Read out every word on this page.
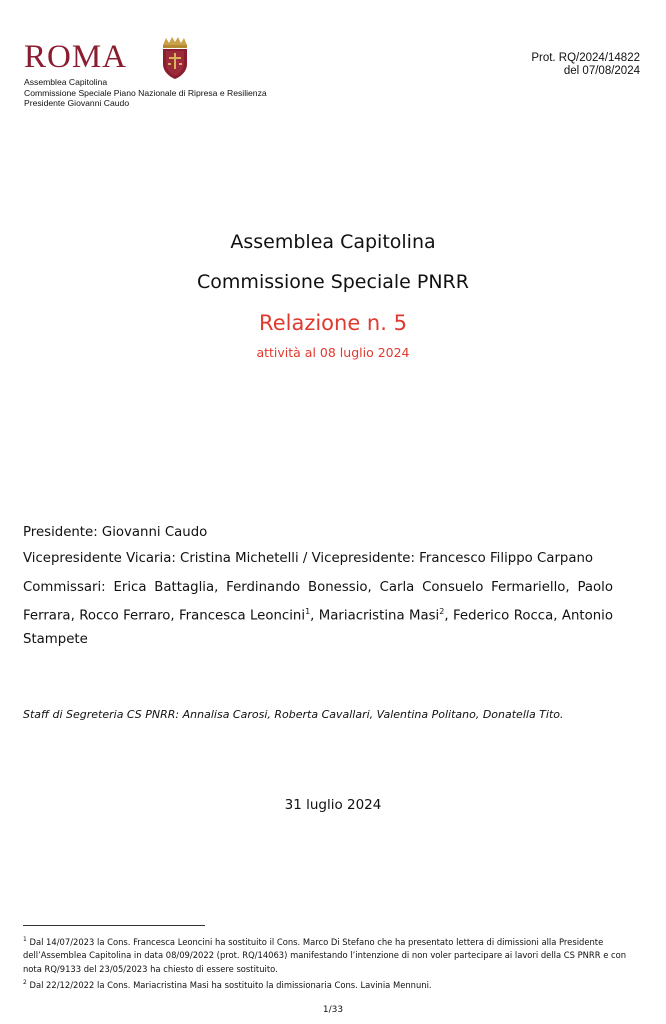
ROMA
Assemblea Capitolina
Commissione Speciale Piano Nazionale di Ripresa e Resilienza
Presidente Giovanni Caudo
Prot. RQ/2024/14822
del 07/08/2024
Assemblea Capitolina
Commissione Speciale PNRR
Relazione n. 5
attività al 08 luglio 2024
Presidente: Giovanni Caudo
Vicepresidente Vicaria: Cristina Michetelli / Vicepresidente: Francesco Filippo Carpano
Commissari: Erica Battaglia, Ferdinando Bonessio, Carla Consuelo Fermariello, Paolo Ferrara, Rocco Ferraro, Francesca Leoncini$^1$, Mariacristina Masi$^2$, Federico Rocca, Antonio Stampete
Staff di Segreteria CS PNRR: Annalisa Carosi, Roberta Cavallari, Valentina Politano, Donatella Tito.
31 luglio 2024

$^1$ Dal 14/07/2023 la Cons. Francesca Leoncini ha sostituito il Cons. Marco Di Stefano che ha presentato lettera di dimissioni alla Presidente dell’Assemblea Capitolina in data 08/09/2022 (prot. RQ/14063) manifestando l’intenzione di non voler partecipare ai lavori della CS PNRR e con nota RQ/9133 del 23/05/2023 ha chiesto di essere sostituito.

$^2$ Dal 22/12/2022 la Cons. Mariacristina Masi ha sostituito la dimissionaria Cons. Lavinia Mennuni.

1/33
